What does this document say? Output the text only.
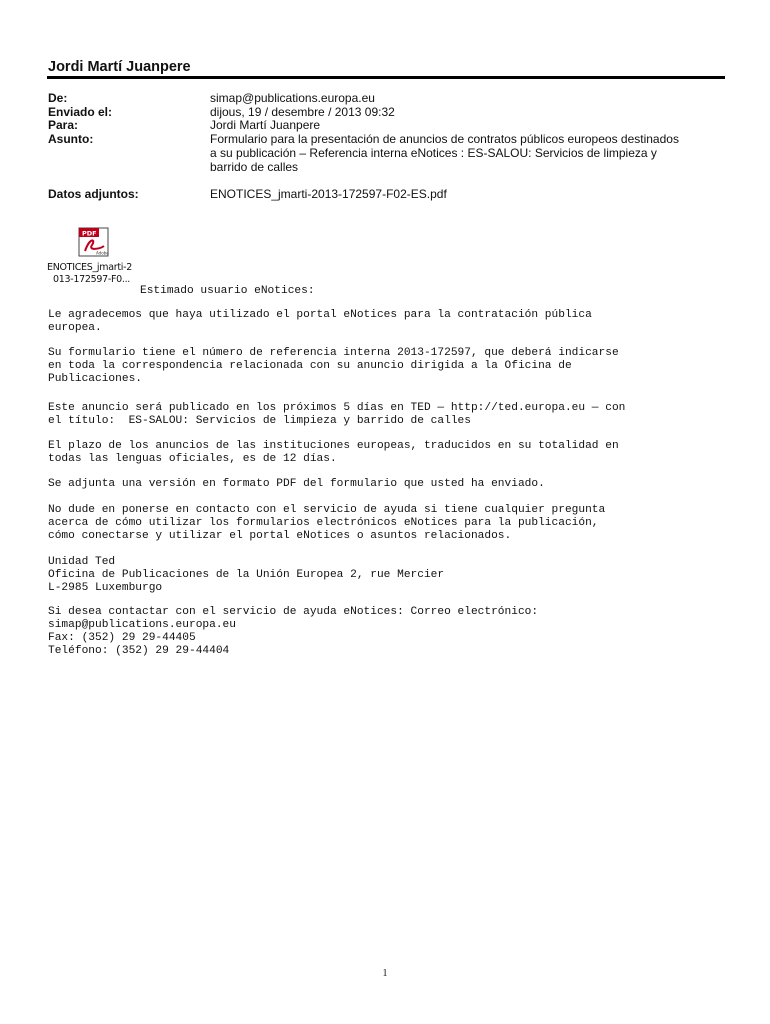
Jordi Martí Juanpere
De:	simap@publications.europa.eu
Enviado el:	dijous, 19 / desembre / 2013 09:32
Para:	Jordi Martí Juanpere
Asunto:	Formulario para la presentación de anuncios de contratos públicos europeos destinados
a su publicación – Referencia interna eNotices : ES-SALOU: Servicios de limpieza y
barrido de calles
Datos adjuntos:	ENOTICES_jmarti-2013-172597-F02-ES.pdf
PDF
Adobe
ENOTICES_jmarti-2
013-172597-F0...
Estimado usuario eNotices:
Le agradecemos que haya utilizado el portal eNotices para la contratación pública
europea.
Su formulario tiene el número de referencia interna 2013-172597, que deberá indicarse
en toda la correspondencia relacionada con su anuncio dirigida a la Oficina de
Publicaciones.
Este anuncio será publicado en los próximos 5 días en TED — http://ted.europa.eu — con
el título:  ES-SALOU: Servicios de limpieza y barrido de calles
El plazo de los anuncios de las instituciones europeas, traducidos en su totalidad en
todas las lenguas oficiales, es de 12 días.
Se adjunta una versión en formato PDF del formulario que usted ha enviado.
No dude en ponerse en contacto con el servicio de ayuda si tiene cualquier pregunta
acerca de cómo utilizar los formularios electrónicos eNotices para la publicación,
cómo conectarse y utilizar el portal eNotices o asuntos relacionados.
Unidad Ted
Oficina de Publicaciones de la Unión Europea 2, rue Mercier
L-2985 Luxemburgo
Si desea contactar con el servicio de ayuda eNotices: Correo electrónico:
simap@publications.europa.eu
Fax: (352) 29 29-44405
Teléfono: (352) 29 29-44404
1
